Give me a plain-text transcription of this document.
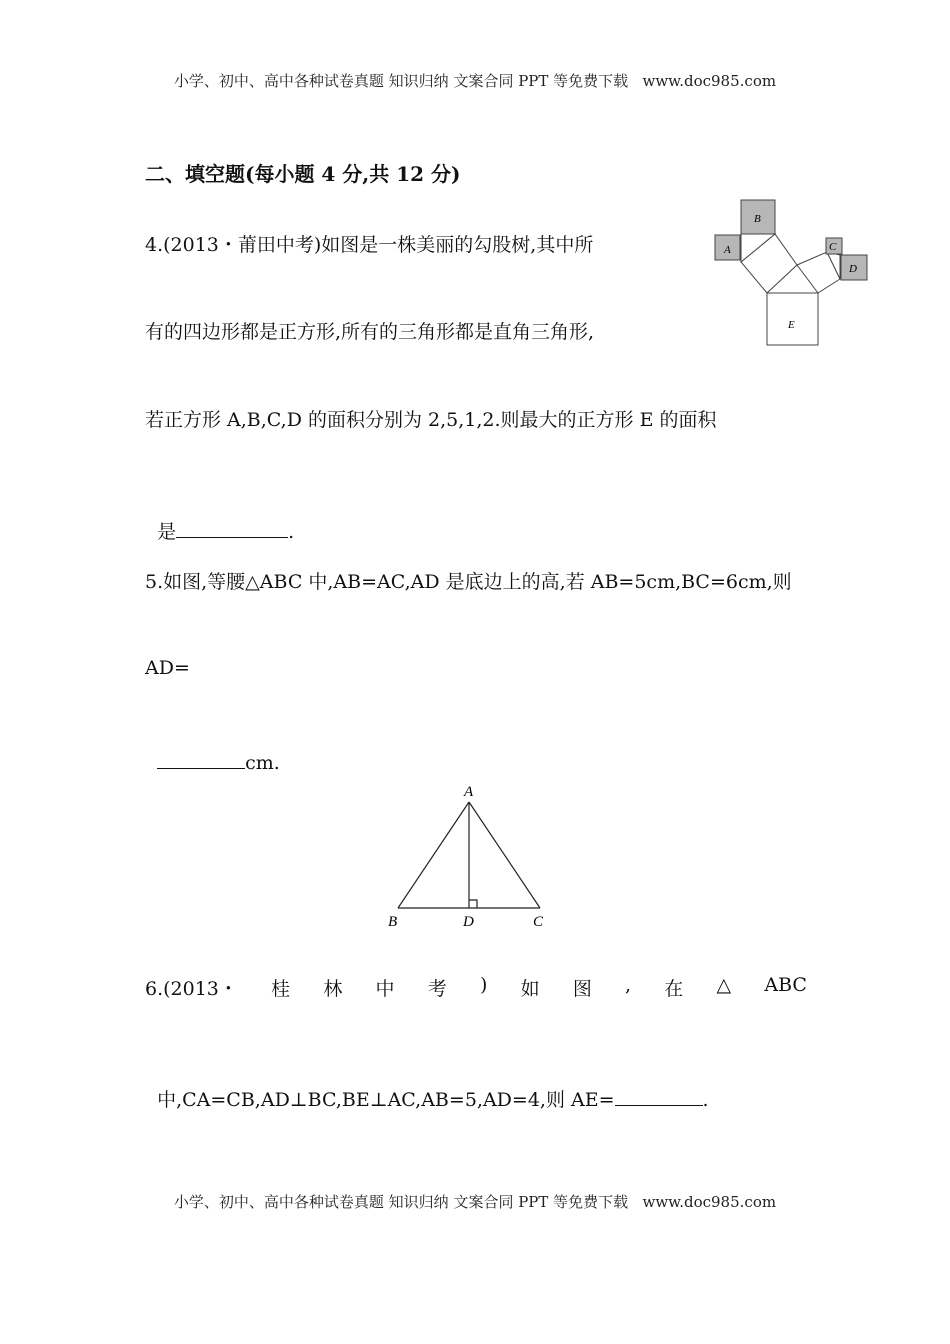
小学、初中、高中各种试卷真题 知识归纳 文案合同 PPT 等免费下载   www.doc985.com
二、填空题(每小题 4 分,共 12 分)
4.(2013・莆田中考)如图是一株美丽的勾股树,其中所
有的四边形都是正方形,所有的三角形都是直角三角形,
若正方形 A,B,C,D 的面积分别为 2,5,1,2.则最大的正方形 E 的面积

是	.

A
B
C
D
E
5.如图,等腰△ABC 中,AB=AC,AD 是底边上的高,若 AB=5cm,BC=6cm,则
AD=

cm.

A
B	D	C
6.(2013・ 桂 林 中 考 ) 如 图 , 在 △ ABC

中,CA=CB,AD⊥BC,BE⊥AC,AB=5,AD=4,则 AE=	.

小学、初中、高中各种试卷真题 知识归纳 文案合同 PPT 等免费下载   www.doc985.com
